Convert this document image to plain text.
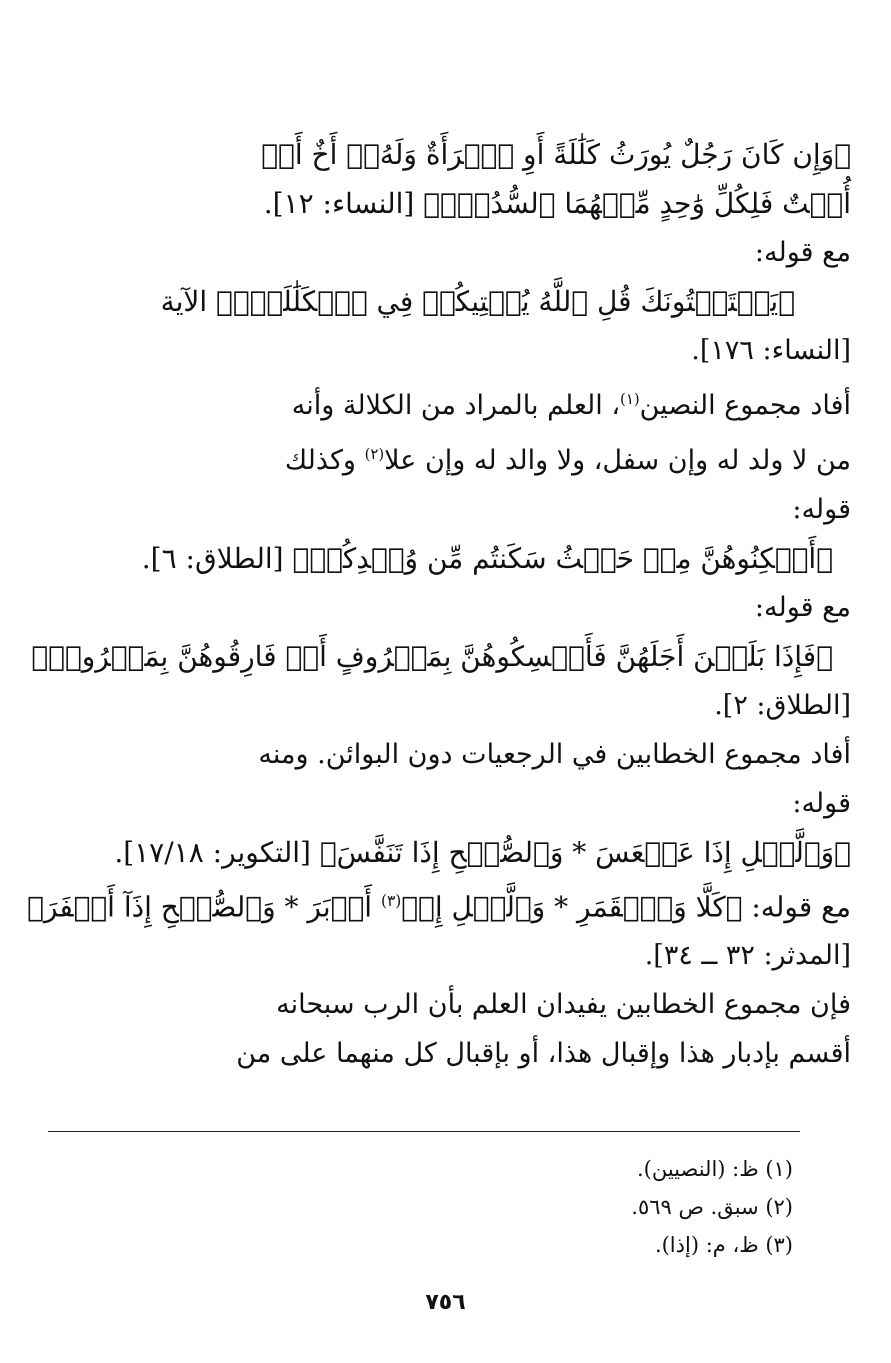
﴿وَإِن كَانَ رَجُلٌ يُورَثُ كَلَٰلَةً أَوِ ٱمۡرَأَةٌ وَلَهُۥٓ أَخٌ أَوۡ
أُخۡتٌ فَلِكُلِّ وَٰحِدٍ مِّنۡهُمَا ٱلسُّدُسُۚ﴾ [النساء: ١٢].
مع قوله:
﴿يَسۡتَفۡتُونَكَ قُلِ ٱللَّهُ يُفۡتِيكُمۡ فِي ٱلۡكَلَٰلَةِۚ﴾ الآية
[النساء: ١٧٦].
أفاد مجموع النصين$^{(١)}$، العلم بالمراد من الكلالة وأنه
من لا ولد له وإن سفل، ولا والد له وإن علا$^{(٢)}$ وكذلك
قوله:
﴿أَسۡكِنُوهُنَّ مِنۡ حَيۡثُ سَكَنتُم مِّن وُجۡدِكُمۡ﴾ [الطلاق: ٦].
مع قوله:
﴿فَإِذَا بَلَغۡنَ أَجَلَهُنَّ فَأَمۡسِكُوهُنَّ بِمَعۡرُوفٍ أَوۡ فَارِقُوهُنَّ بِمَعۡرُوفٖ﴾
[الطلاق: ٢].
أفاد مجموع الخطابين في الرجعيات دون البوائن. ومنه
قوله:
﴿وَٱلَّيۡلِ إِذَا عَسۡعَسَ * وَٱلصُّبۡحِ إِذَا تَنَفَّسَ﴾ [التكوير: ١٧/١٨].
مع قوله: ﴿كَلَّا وَٱلۡقَمَرِ * وَٱلَّيۡلِ إِذۡ$^{(٣)}$ أَدۡبَرَ * وَٱلصُّبۡحِ إِذَآ أَسۡفَرَ﴾
[المدثر: ٣٢ ــ ٣٤].
فإن مجموع الخطابين يفيدان العلم بأن الرب سبحانه
أقسم بإدبار هذا وإقبال هذا، أو بإقبال كل منهما على من
(١) ظ: (النصيين).
(٢) سبق. ص ٥٦٩.
(٣) ظ، م: (إذا).
٧٥٦
